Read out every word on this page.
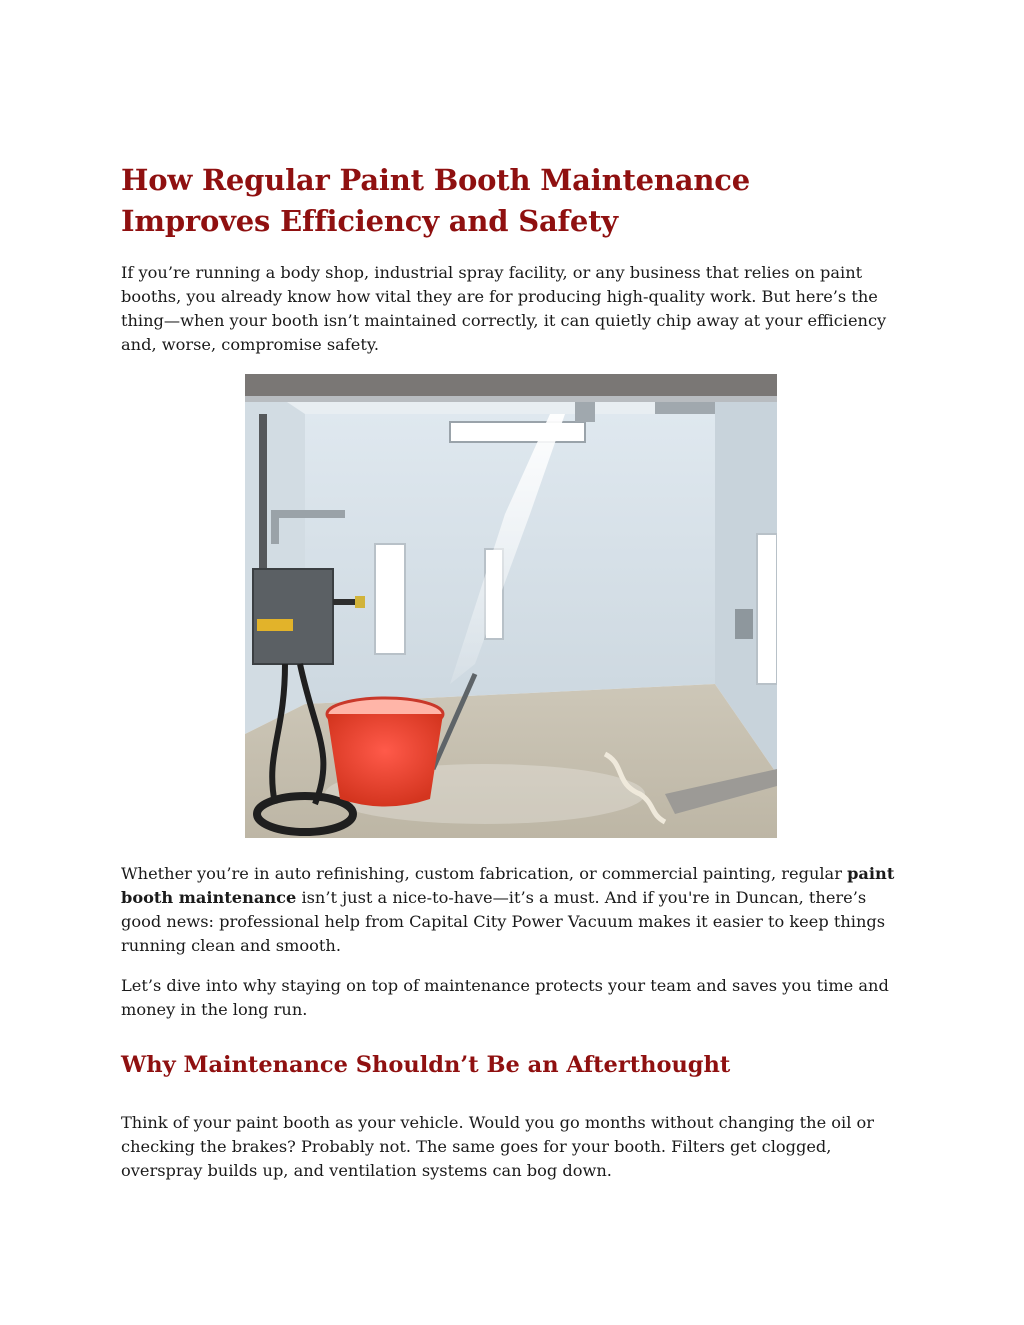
How Regular Paint Booth Maintenance Improves Efficiency and Safety

If you’re running a body shop, industrial spray facility, or any business that relies on paint booths, you already know how vital they are for producing high-quality work. But here’s the thing—when your booth isn’t maintained correctly, it can quietly chip away at your efficiency and, worse, compromise safety.

Whether you’re in auto refinishing, custom fabrication, or commercial painting, regular paint booth maintenance isn’t just a nice-to-have—it’s a must. And if you're in Duncan, there’s good news: professional help from Capital City Power Vacuum makes it easier to keep things running clean and smooth.

Let’s dive into why staying on top of maintenance protects your team and saves you time and money in the long run.

Why Maintenance Shouldn’t Be an Afterthought

Think of your paint booth as your vehicle. Would you go months without changing the oil or checking the brakes? Probably not. The same goes for your booth. Filters get clogged, overspray builds up, and ventilation systems can bog down.
